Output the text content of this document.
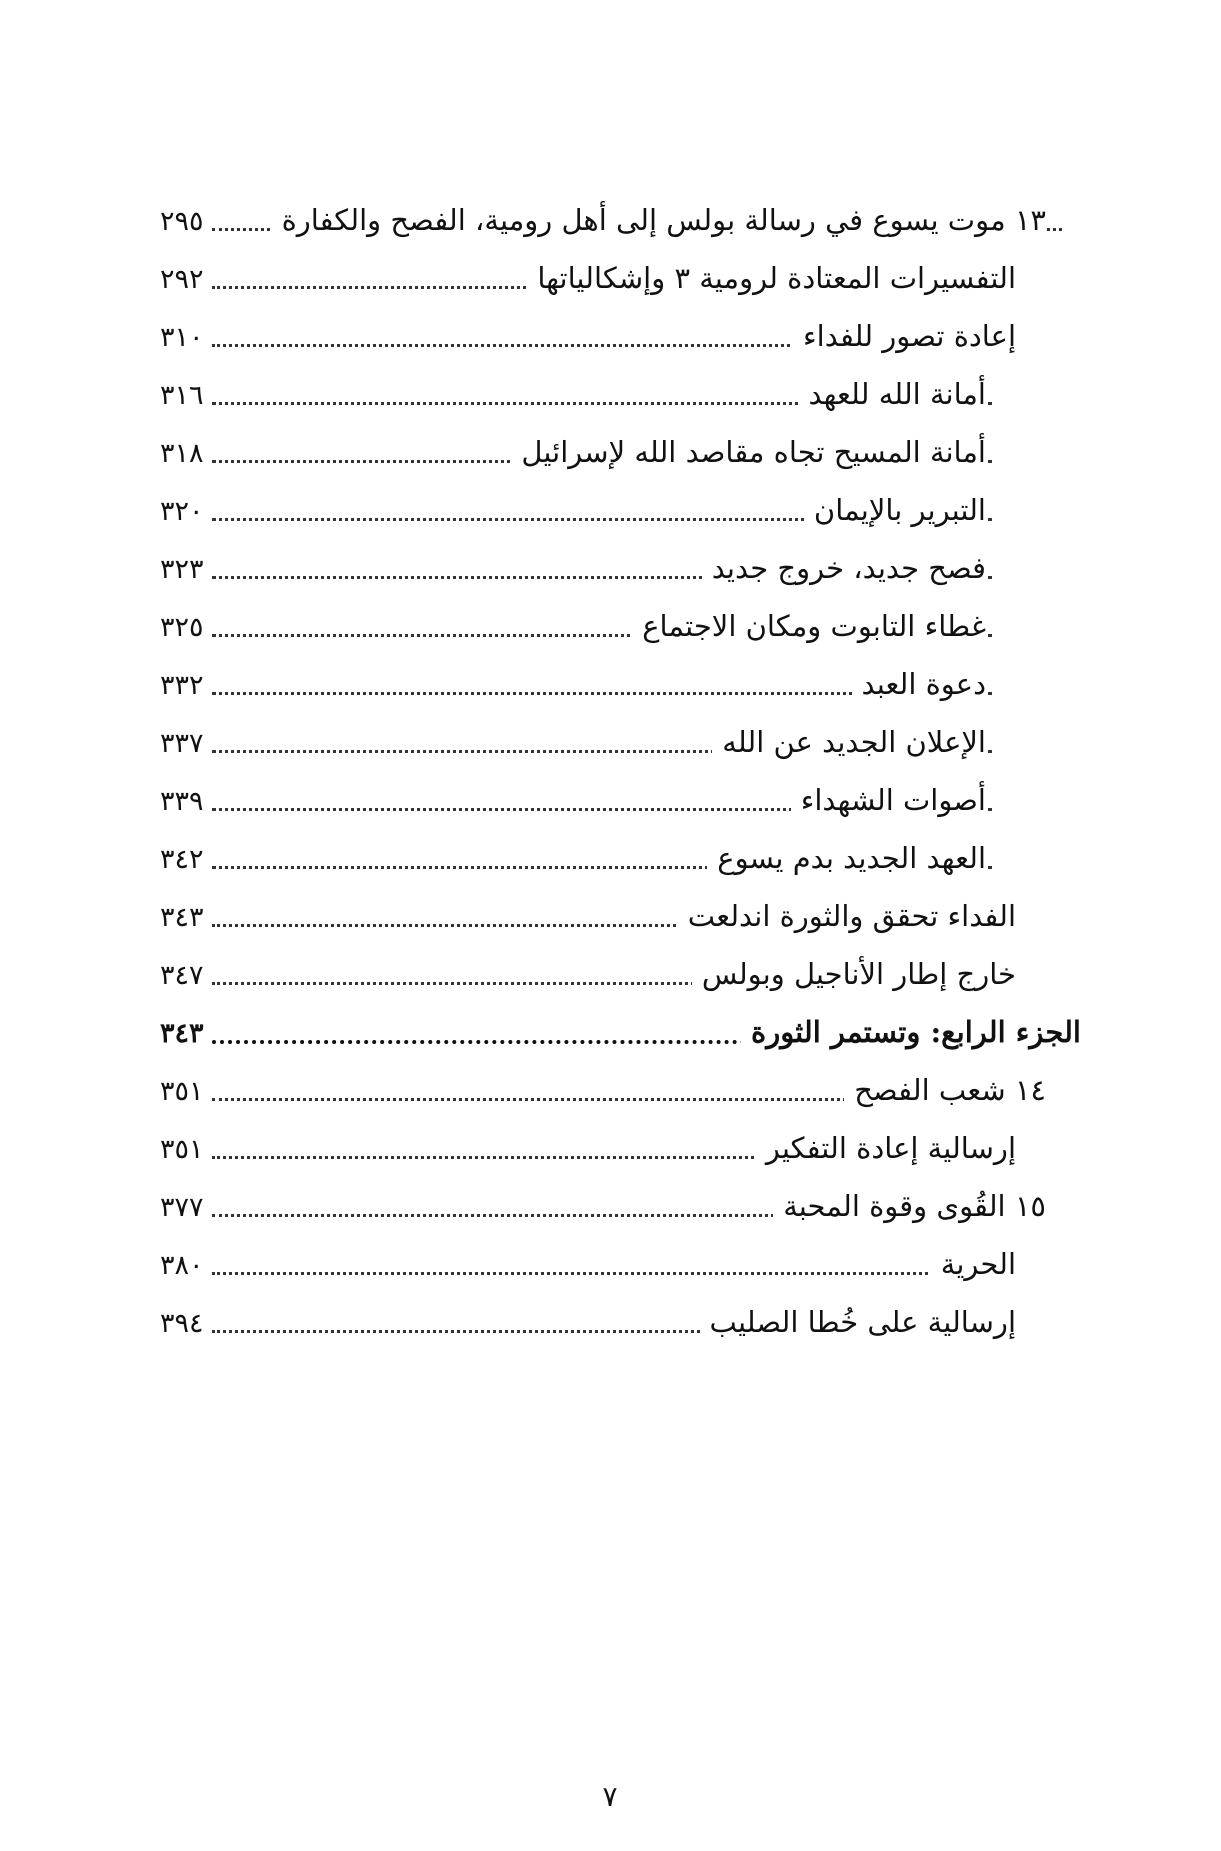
٢٩٥	١٣ موت يسوع في رسالة بولس إلى أهل رومية، الفصح والكفارة
٢٩٢	التفسيرات المعتادة لرومية ٣ وإشكالياتها
٣١٠	إعادة تصور للفداء
٣١٦	أمانة الله للعهد
٣١٨	أمانة المسيح تجاه مقاصد الله لإسرائيل
٣٢٠	التبرير بالإيمان
٣٢٣	فصح جديد، خروج جديد
٣٢٥	غطاء التابوت ومكان الاجتماع
٣٣٢	دعوة العبد
٣٣٧	الإعلان الجديد عن الله
٣٣٩	أصوات الشهداء
٣٤٢	العهد الجديد بدم يسوع
٣٤٣	الفداء تحقق والثورة اندلعت
٣٤٧	خارج إطار الأناجيل وبولس
٣٤٣	الجزء الرابع: وتستمر الثورة
٣٥١	١٤ شعب الفصح
٣٥١	إرسالية إعادة التفكير
٣٧٧	١٥ القُوى وقوة المحبة
٣٨٠	الحرية
٣٩٤	إرسالية على خُطا الصليب
٧
